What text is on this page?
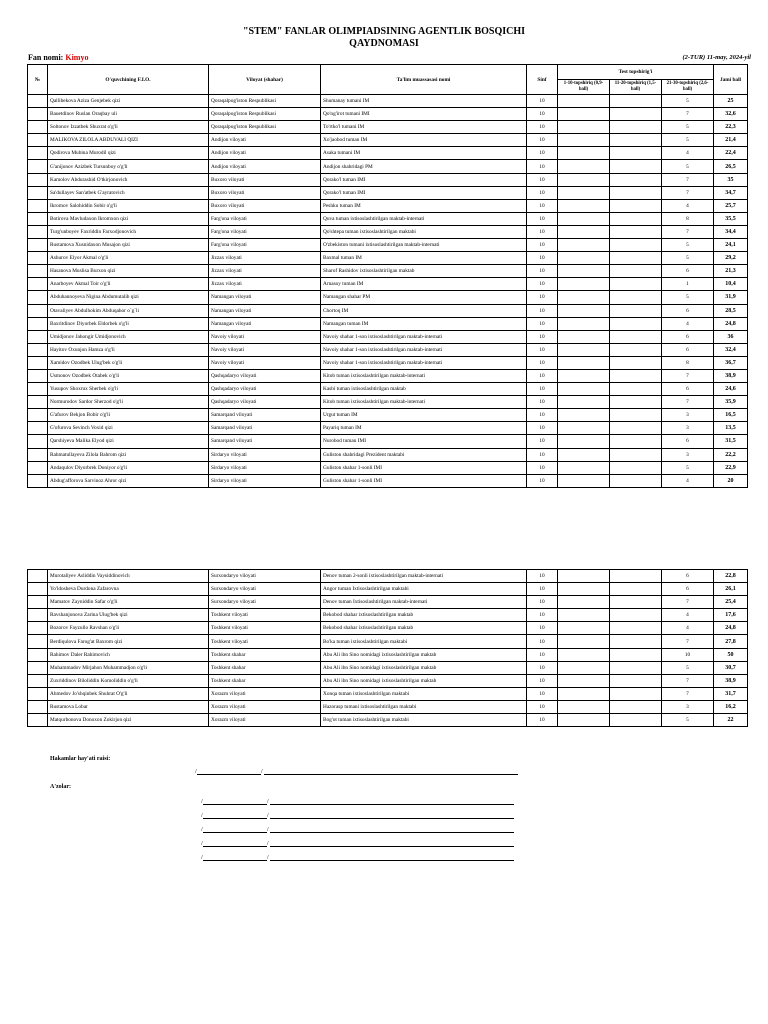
"STEM" FANLAR OLIMPIADSINING AGENTLIK BOSQICHI
QAYDNOMASI
Fan nomi: Kimyo	(2-TUR) 11-may, 2024-yil
№	O'quvchining F.I.O.	Viloyat (shahar)	Ta'lim muassasasi nomi	Sinf	Test topshirig'i			Jami ball
					1-10-topshiriq (0,9-ball)	11-20-topshiriq (1,5-ball)	21-30-topshiriq (2,6-ball)	
	Qallibekova Aziza Genjebek qizi	Qoraqalpog'iston Respublikasi	Shumanay tumani IM	10			5	25
	Bauetdinov Ruslan Oraqbay uli	Qoraqalpog'iston Respublikasi	Qo'ng'irot tumani IMI	10			7	32,6
	Soltonov Izzatbek Shuxrat o'g'li	Qoraqalpog'iston Respublikasi	To'rtko'l tumani IM	10			5	22,3
	MALIKOVA ZILOLA ABDUVALI QIZI	Andijon viloyati	Xo'jaobod tuman IM	10			5	21,4
	Qodirova Mubina Murodil qizi	Andijon viloyati	Asaka tumani IM	10			4	22,4
	G'anijonov Azizbek Tursunboy o'g'li	Andijon viloyati	Andijon shahridagi PM	10			5	26,5
	Kamolov Abdurashid O'tkirjonovich	Buxoro viloyati	Qorako'l tuman IMI	10			7	35
	Sa'dullayev San'atbek G'ayratovich	Buxoro viloyati	Qorako'l tuman IMI	10			7	34,7
	Ikromov Salohiddin Sobir o'g'li	Buxoro viloyati	Peshku tuman IM	10			4	25,7
	Botirova Mavludaxon Ikromxon qizi	Farg'ona viloyati	Quva tuman ixtisoslashtirilgan maktab-internati	10			8	35,5
	Turg'unboyev Faxriddin Farxodjonovich	Farg'ona viloyati	Qo'shtepa tuman ixtisoslashtirilgan maktabi	10			7	34,4
	Rustamova Xusnidaxon Musajon qizi	Farg'ona viloyati	O'zbekiston tumani ixtisoslashtirilgan maktab-internati	10			5	24,1
	Ashurov Elyor Akmal o'g'li	Jizzax viloyati	Baxmal tuman IM	10			5	29,2
	Hasanova Muslisa Burxon qizi	Jizzax viloyati	Sharof Rashidov ixtisoslashtirilgan maktab	10			6	21,3
	Anarboyev Akmal Toir o'g'li	Jizzax viloyati	Arnasoy tuman IM	10			1	10,4
	Abduhannoyeva Nigina Abdumutalib qizi	Namangan viloyati	Namangan shahar PM	10			5	31,9
	Otavaliyev Abdulhokim Abduqahor o`g`li	Namangan viloyati	Chortoq IM	10			6	28,5
	Baxritdinov Diyorbek Eldorbek o'g'li	Namangan viloyati	Namangan tuman IM	10			4	24,8
	Umidjonov Jahongir Umidjonovich	Navoiy viloyati	Navoiy shahar 1-son ixtisoslashtirilgan maktab-internati	10			6	36
	Hayitov Oxunjon Hamza o'g'li	Navoiy viloyati	Navoiy shahar 1-son ixtisoslashtirilgan maktab-internati	10			6	32,4
	Xamidov Ozodbek Ulug'bek o'g'li	Navoiy viloyati	Navoiy shahar 1-son ixtisoslashtirilgan maktab-internati	10			8	36,7
	Usmonov Ozodbek Otabek o'g'li	Qashqadaryo viloyati	Kitob tuman ixtisoslashtirilgan maktab-internati	10			7	38,9
	Yusupov Shoxrux Sherbek o'g'li	Qashqadaryo viloyati	Kasbi tuman ixtisoslashtirilgan maktab	10			6	24,6
	Normurodov Sardor Sherzod o'g'li	Qashqadaryo viloyati	Kitob tuman ixtisoslashtirilgan maktab-internati	10			7	35,9
	G'afurov Bekjon Bobir o'g'li	Samarqand viloyati	Urgut tuman IM	10			3	16,5
	G'ofurova Sevinch Voxid qizi	Samarqand viloyati	Payariq tuman IM	10			3	13,5
	Qarshiyeva Malika Elyod qizi	Samarqand viloyati	Nurobod tuman IMI	10			6	31,5
	Rahmatullayeva Zilola Bahrom qizi	Sirdaryo viloyati	Guliston shahridagi Prezident maktabi	10			3	22,2
	Andaqulov Diyorbrek Doniyor o'g'li	Sirdaryo viloyati	Guliston shahar 1-sonli IMI	10			5	22,9
	Abdug'afforova Sarvinoz Ahror qizi	Sirdaryo viloyati	Guliston shahar 1-sonli IMI	10			4	20
	Murotaliyev Asliddin Vaysiddinovich	Surxondaryo viloyati	Denov tuman 2-sonli ixtisoslashtirilgan maktab-internati	10			6	22,8
	Yo'ldosheva Durdona Zafarovna	Surxondaryo viloyati	Angor tuman Ixtisoslashtirilgan maktabi	10			6	26,1
	Mamatov Zayniddin Safar o'g'li	Surxondaryo viloyati	Denov tuman Ixtisoslashtirilgan maktab-internati	10			7	25,4
	Ravshanjonova Zarina Ulug'bek qizi	Toshkent viloyati	Bekobod shahar ixtisoslashtirilgan maktab	10			4	17,6
	Bozorov Fayzullo Ravshan o'g'li	Toshkent viloyati	Bekobod shahar ixtisoslashtirilgan maktab	10			4	24,8
	Berdiqulova Farog'at Baxrom qizi	Toshkent viloyati	Bo'ka tuman ixtisoslashtirilgan maktabi	10			7	27,8
	Rahimov Daler Rahimovich	Toshkent shahar	Abu Ali ibn Sino nomidagi ixtisoslashtirilgan maktab	10			10	50
	Muhammadov Mirjahon Muhammadjon o'g'li	Toshkent shahar	Abu Ali ibn Sino nomidagi ixtisoslashtirilgan maktab	10			5	30,7
	Zuxriddinov Biloliddin Komoliddin o'g'li	Toshkent shahar	Abu Ali ibn Sino nomidagi ixtisoslashtirilgan maktab	10			7	38,9
	Ahmedov Jo'shqinbek Shuhrat O'g'li	Xorazm viloyati	Xonqa tuman ixtisoslashtirilgan maktabi	10			7	31,7
	Rustamova Lobar	Xorazm viloyati	Hazorasp tumani ixtisoslashtirilgan maktabi	10			3	16,2
	Matqurbonova Donoxon Zokirjon qizi	Xorazm viloyati	Bog'ot tuman ixtisoslashtirilgan maktabi	10			5	22
Hakamlar hay'ati raisi:
/	/
A'zolar:
/	/
/	/
/	/
/	/
/	/
